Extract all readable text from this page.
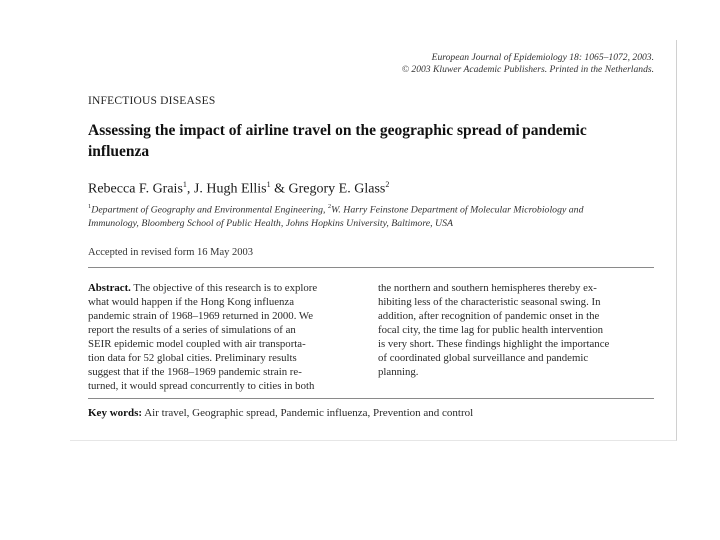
European Journal of Epidemiology 18: 1065–1072, 2003.
© 2003 Kluwer Academic Publishers. Printed in the Netherlands.
INFECTIOUS DISEASES
Assessing the impact of airline travel on the geographic spread of pandemic
influenza
Rebecca F. Grais$^1$, J. Hugh Ellis$^1$ & Gregory E. Glass$^2$
$^1$Department of Geography and Environmental Engineering, $^2$W. Harry Feinstone Department of Molecular Microbiology and
Immunology, Bloomberg School of Public Health, Johns Hopkins University, Baltimore, USA
Accepted in revised form 16 May 2003
Abstract. The objective of this research is to explore
what would happen if the Hong Kong influenza
pandemic strain of 1968–1969 returned in 2000. We
report the results of a series of simulations of an
SEIR epidemic model coupled with air transporta-
tion data for 52 global cities. Preliminary results
suggest that if the 1968–1969 pandemic strain re-
turned, it would spread concurrently to cities in both
the northern and southern hemispheres thereby ex-
hibiting less of the characteristic seasonal swing. In
addition, after recognition of pandemic onset in the
focal city, the time lag for public health intervention
is very short. These findings highlight the importance
of coordinated global surveillance and pandemic
planning.
Key words: Air travel, Geographic spread, Pandemic influenza, Prevention and control
